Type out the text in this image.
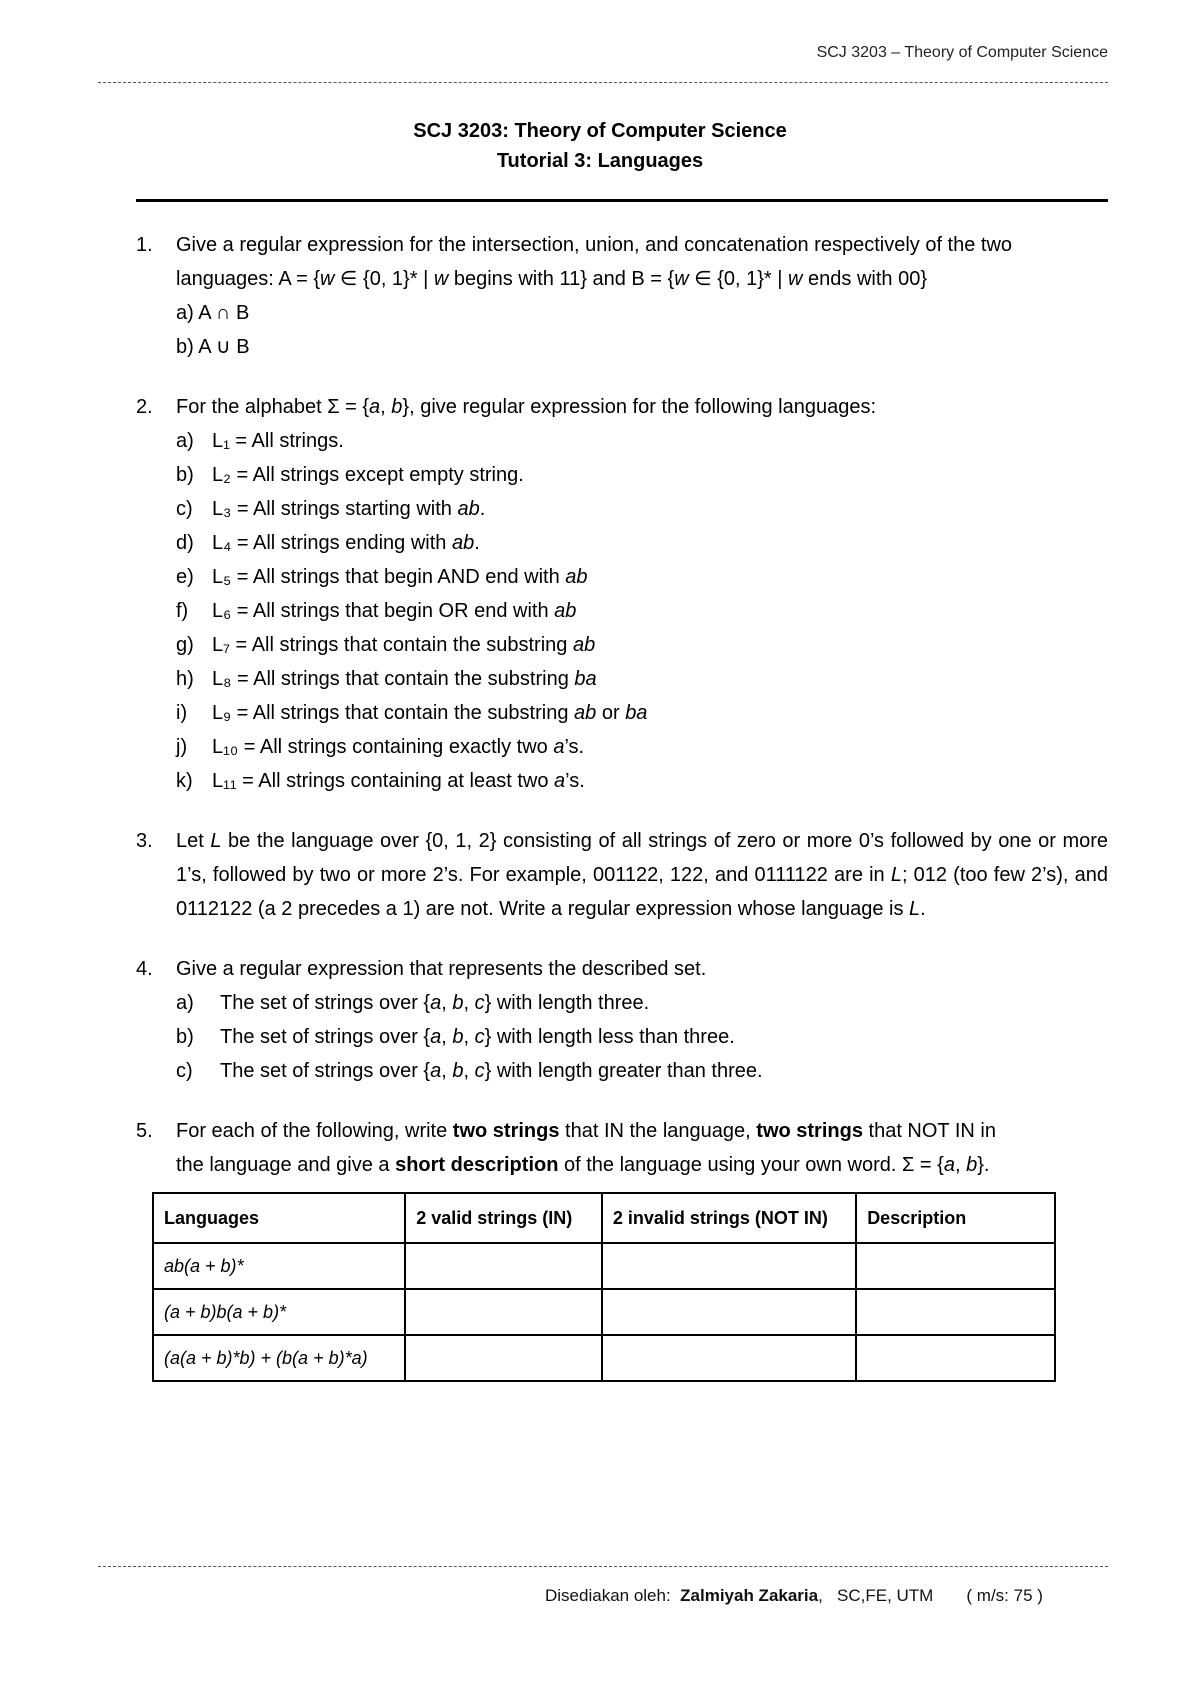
SCJ 3203 – Theory of Computer Science
SCJ 3203: Theory of Computer Science
Tutorial 3: Languages
1.	Give a regular expression for the intersection, union, and concatenation respectively of the two
languages: A = {w ∈ {0, 1}* | w begins with 11} and B = {w ∈ {0, 1}* | w ends with 00}
a) A ∩ B
b) A ∪ B
2.	For the alphabet Σ = {a, b}, give regular expression for the following languages:
a) L₁ = All strings.
b) L₂ = All strings except empty string.
c) L₃ = All strings starting with ab.
d) L₄ = All strings ending with ab.
e) L₅ = All strings that begin AND end with ab
f)	L₆ = All strings that begin OR end with ab
g) L₇ = All strings that contain the substring ab
h) L₈ = All strings that contain the substring ba
i)	L₉ = All strings that contain the substring ab or ba
j)	L₁₀ = All strings containing exactly two a’s.
k) L₁₁ = All strings containing at least two a’s.
3.	Let L be the language over {0, 1, 2} consisting of all strings of zero or more 0’s followed by one or more 1’s, followed by two or more 2’s. For example, 001122, 122, and 0111122 are in L; 012 (too few 2’s), and 0112122 (a 2 precedes a 1) are not. Write a regular expression whose language is L.
4.	Give a regular expression that represents the described set.
a)	The set of strings over {a, b, c} with length three.
b)	The set of strings over {a, b, c} with length less than three.
c)	The set of strings over {a, b, c} with length greater than three.
5.	For each of the following, write two strings that IN the language, two strings that NOT IN in
the language and give a short description of the language using your own word. Σ = {a, b}.
Languages	2 valid strings (IN)	2 invalid strings (NOT IN)	Description
ab(a + b)*			
(a + b)b(a + b)*			
(a(a + b)*b) + (b(a + b)*a)			
Disediakan oleh:  Zalmiyah Zakaria,   SC,FE, UTM       ( m/s: 75 )
